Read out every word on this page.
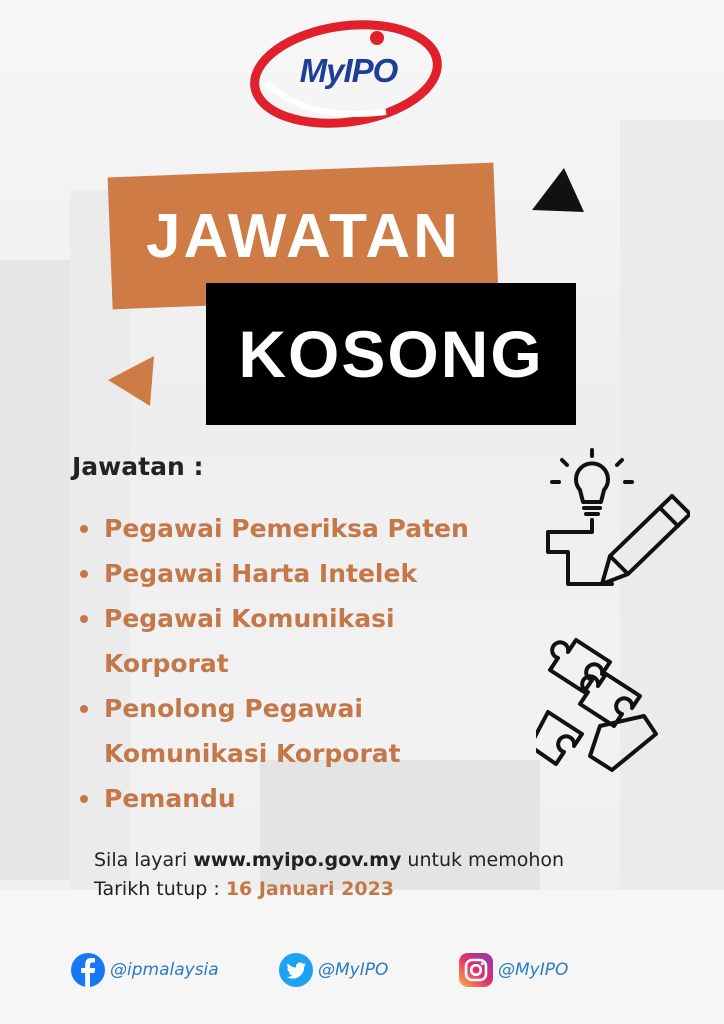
MyIPO
JAWATAN
KOSONG
Jawatan :
Pegawai Pemeriksa Paten
Pegawai Harta Intelek
Pegawai Komunikasi
Korporat
Penolong Pegawai
Komunikasi Korporat
Pemandu
Sila layari www.myipo.gov.my untuk memohon
Tarikh tutup : 16 Januari 2023
@ipmalaysia	@MyIPO	@MyIPO
